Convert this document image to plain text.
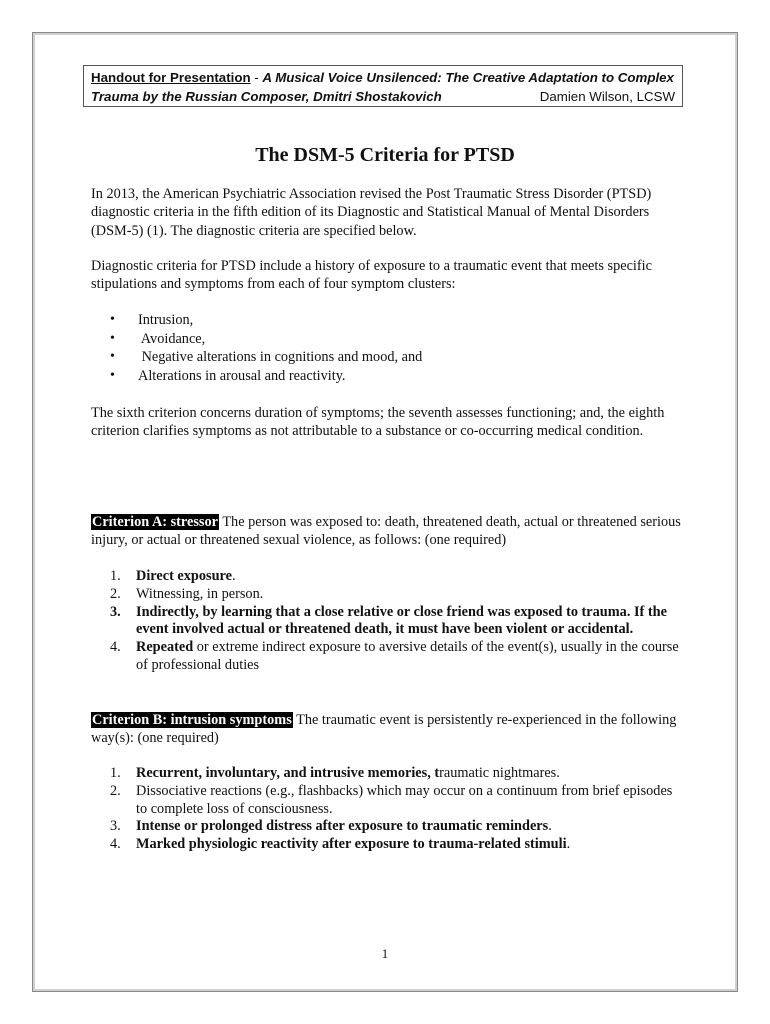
Handout for Presentation - A Musical Voice Unsilenced: The Creative Adaptation to Complex
Trauma by the Russian Composer, Dmitri Shostakovich	Damien Wilson, LCSW
The DSM-5 Criteria for PTSD

In 2013, the American Psychiatric Association revised the Post Traumatic Stress Disorder (PTSD) diagnostic criteria in the fifth edition of its Diagnostic and Statistical Manual of Mental Disorders (DSM-5) (1). The diagnostic criteria are specified below.

Diagnostic criteria for PTSD include a history of exposure to a traumatic event that meets specific stipulations and symptoms from each of four symptom clusters:

•	Intrusion,
•	Avoidance,
•	Negative alterations in cognitions and mood, and
•	Alterations in arousal and reactivity.

The sixth criterion concerns duration of symptoms; the seventh assesses functioning; and, the eighth criterion clarifies symptoms as not attributable to a substance or co-occurring medical condition.

Criterion A: stressor The person was exposed to: death, threatened death, actual or threatened serious injury, or actual or threatened sexual violence, as follows: (one required)

1.	Direct exposure.
2.	Witnessing, in person.
3.	Indirectly, by learning that a close relative or close friend was exposed to trauma. If the event involved actual or threatened death, it must have been violent or accidental.
4.	Repeated or extreme indirect exposure to aversive details of the event(s), usually in the course of professional duties

Criterion B: intrusion symptoms The traumatic event is persistently re-experienced in the following way(s): (one required)

1.	Recurrent, involuntary, and intrusive memories, traumatic nightmares.
2.	Dissociative reactions (e.g., flashbacks) which may occur on a continuum from brief episodes to complete loss of consciousness.
3.	Intense or prolonged distress after exposure to traumatic reminders.
4.	Marked physiologic reactivity after exposure to trauma-related stimuli.
1
